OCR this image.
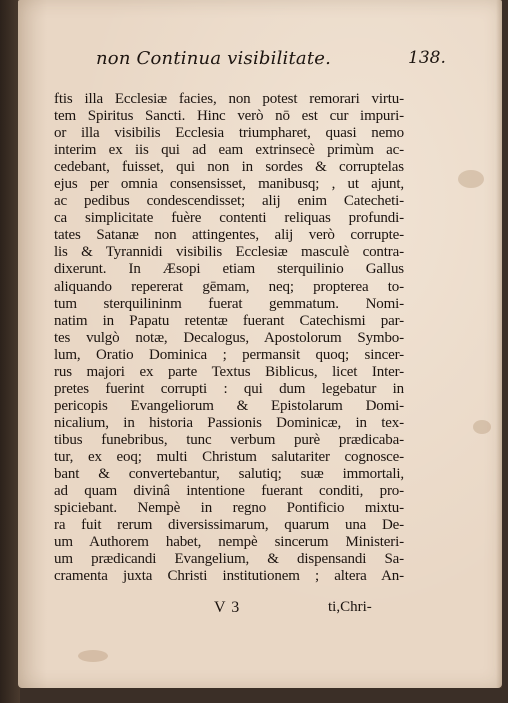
non Continua visibilitate.	138.
ftis illa Ecclesiæ facies, non potest remorari virtu-
tem Spiritus Sancti. Hinc verò nō est cur impuri-
or illa visibilis Ecclesia triumpharet, quasi nemo
interim ex iis qui ad eam extrinsecè primùm ac-
cedebant, fuisset, qui non in sordes & corruptelas
ejus per omnia consensisset, manibusq; , ut ajunt,
ac pedibus condescendisset; alij enim Catecheti-
ca simplicitate fuère contenti reliquas profundi-
tates Satanæ non attingentes, alij verò corrupte-
lis & Tyrannidi visibilis Ecclesiæ masculè contra-
dixerunt. In Æsopi etiam sterquilinio Gallus
aliquando repererat gēmam, neq; propterea to-
tum sterquilininm fuerat gemmatum. Nomi-
natim in Papatu retentæ fuerant Catechismi par-
tes vulgò notæ, Decalogus, Apostolorum Symbo-
lum, Oratio Dominica ; permansit quoq; sincer-
rus majori ex parte Textus Biblicus, licet Inter-
pretes fuerint corrupti : qui dum legebatur in
pericopis Evangeliorum & Epistolarum Domi-
nicalium, in historia Passionis Dominicæ, in tex-
tibus funebribus, tunc verbum purè prædicaba-
tur, ex eoq; multi Christum salutariter cognosce-
bant & convertebantur, salutiq; suæ immortali,
ad quam divinâ intentione fuerant conditi, pro-
spiciebant. Nempè in regno Pontificio mixtu-
ra fuit rerum diversissimarum, quarum una De-
um Authorem habet, nempè sincerum Ministeri-
um prædicandi Evangelium, & dispensandi Sa-
cramenta juxta Christi institutionem ; altera An-
V 3	ti,Chri-
